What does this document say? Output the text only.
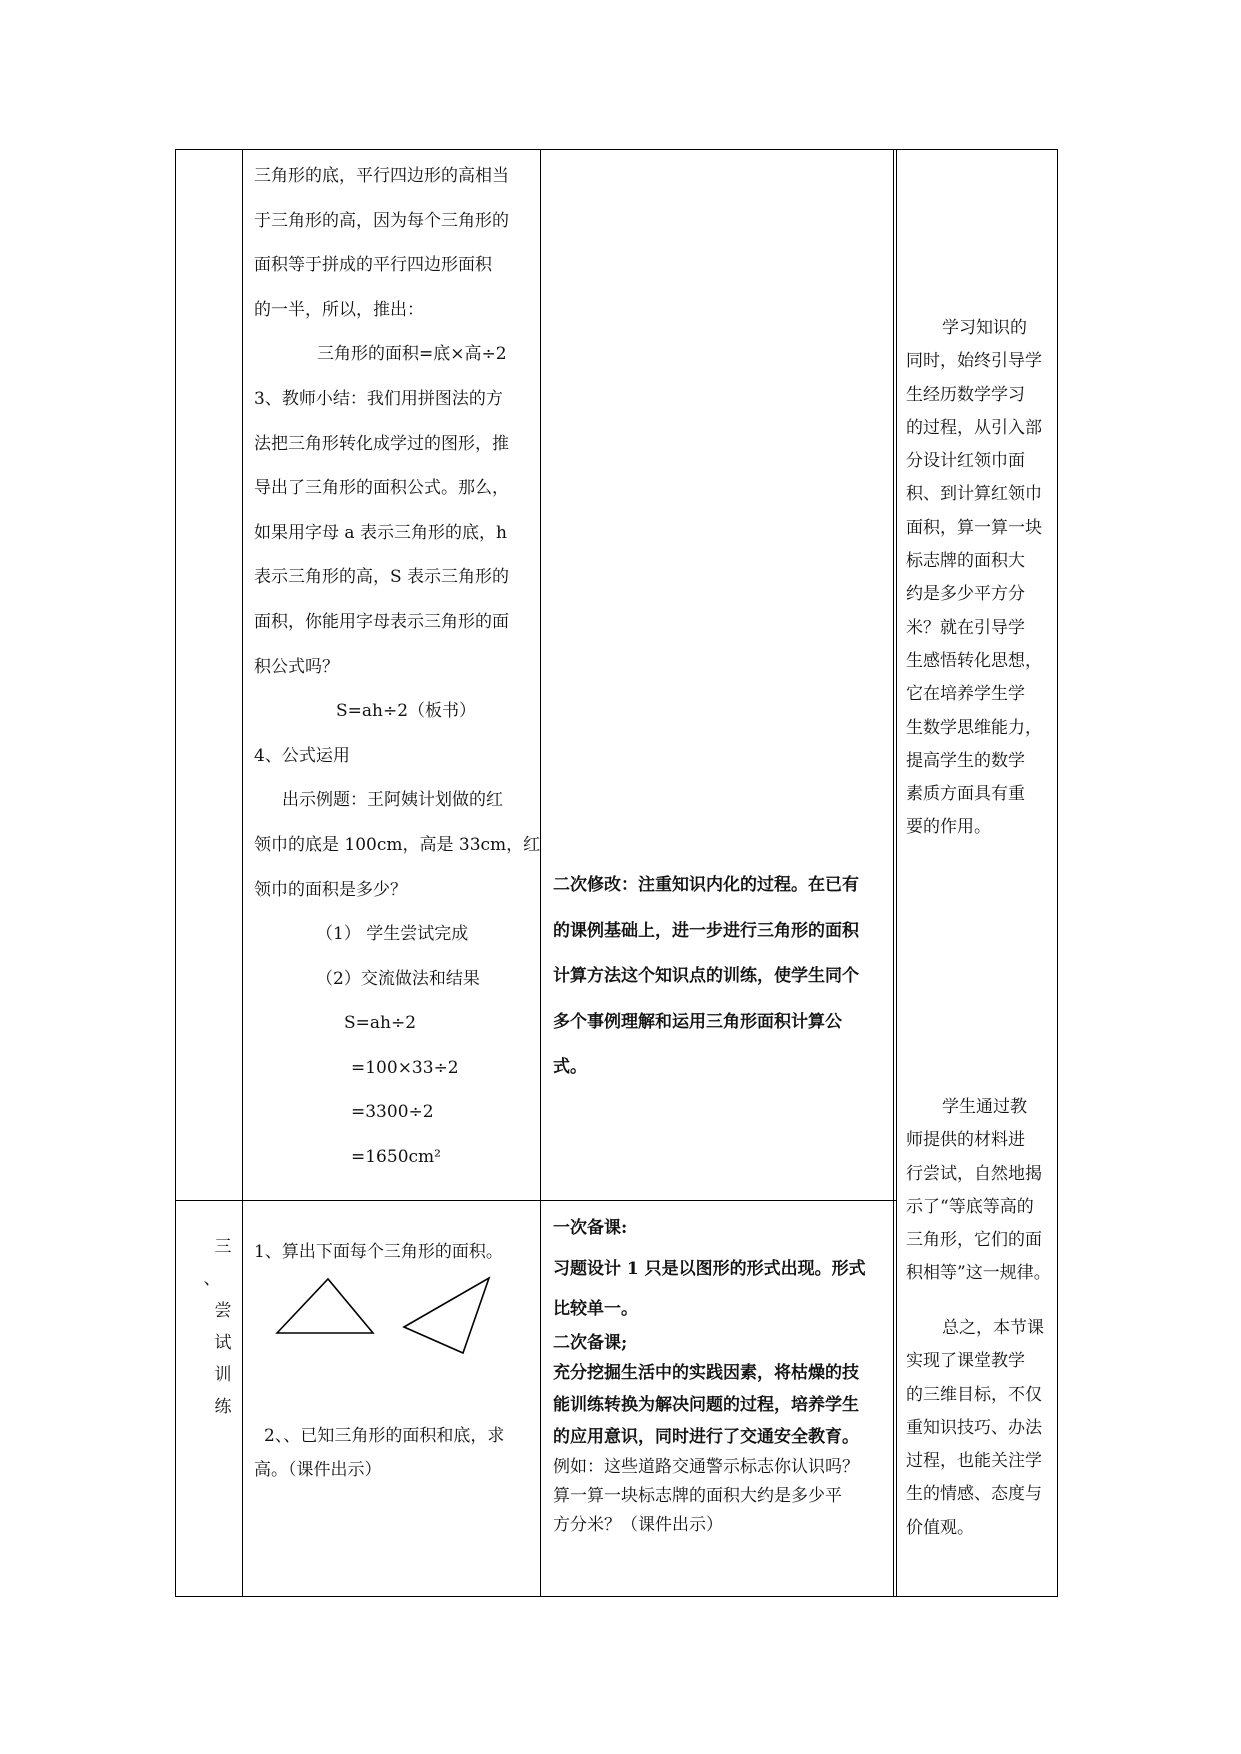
三角形的底，平行四边形的高相当

于三角形的高，因为每个三角形的

面积等于拼成的平行四边形面积

的一半，所以，推出：

三角形的面积=底×高÷2

3、教师小结：我们用拼图法的方

法把三角形转化成学过的图形，推

导出了三角形的面积公式。那么，

如果用字母 a 表示三角形的底，h

表示三角形的高，S 表示三角形的

面积，你能用字母表示三角形的面

积公式吗？

S=ah÷2（板书）

4、公式运用

出示例题：王阿姨计划做的红

领巾的底是 100cm，高是 33cm，红

领巾的面积是多少？

（1） 学生尝试完成

（2）交流做法和结果

S=ah÷2

=100×33÷2

=3300÷2

=1650cm²

二次修改：注重知识内化的过程。在已有

的课例基础上，进一步进行三角形的面积

计算方法这个知识点的训练，使学生同个

多个事例理解和运用三角形面积计算公

式。

三
、
尝
试
训
练

1、算出下面每个三角形的面积。

2、、已知三角形的面积和底，求

高。（课件出示）

一次备课:

习题设计 1 只是以图形的形式出现。形式

比较单一。

二次备课;

充分挖掘生活中的实践因素，将枯燥的技

能训练转换为解决问题的过程，培养学生

的应用意识，同时进行了交通安全教育。

例如：这些道路交通警示标志你认识吗？

算一算一块标志牌的面积大约是多少平

方分米？（课件出示）

学习知识的

同时，始终引导学

生经历数学学习

的过程，从引入部

分设计红领巾面

积、到计算红领巾

面积，算一算一块

标志牌的面积大

约是多少平方分

米？就在引导学

生感悟转化思想，

它在培养学生学

生数学思维能力，

提高学生的数学

素质方面具有重

要的作用。

学生通过教

师提供的材料进

行尝试，自然地揭

示了“等底等高的

三角形，它们的面

积相等”这一规律。

总之，本节课

实现了课堂教学

的三维目标，不仅

重知识技巧、办法

过程，也能关注学

生的情感、态度与

价值观。
